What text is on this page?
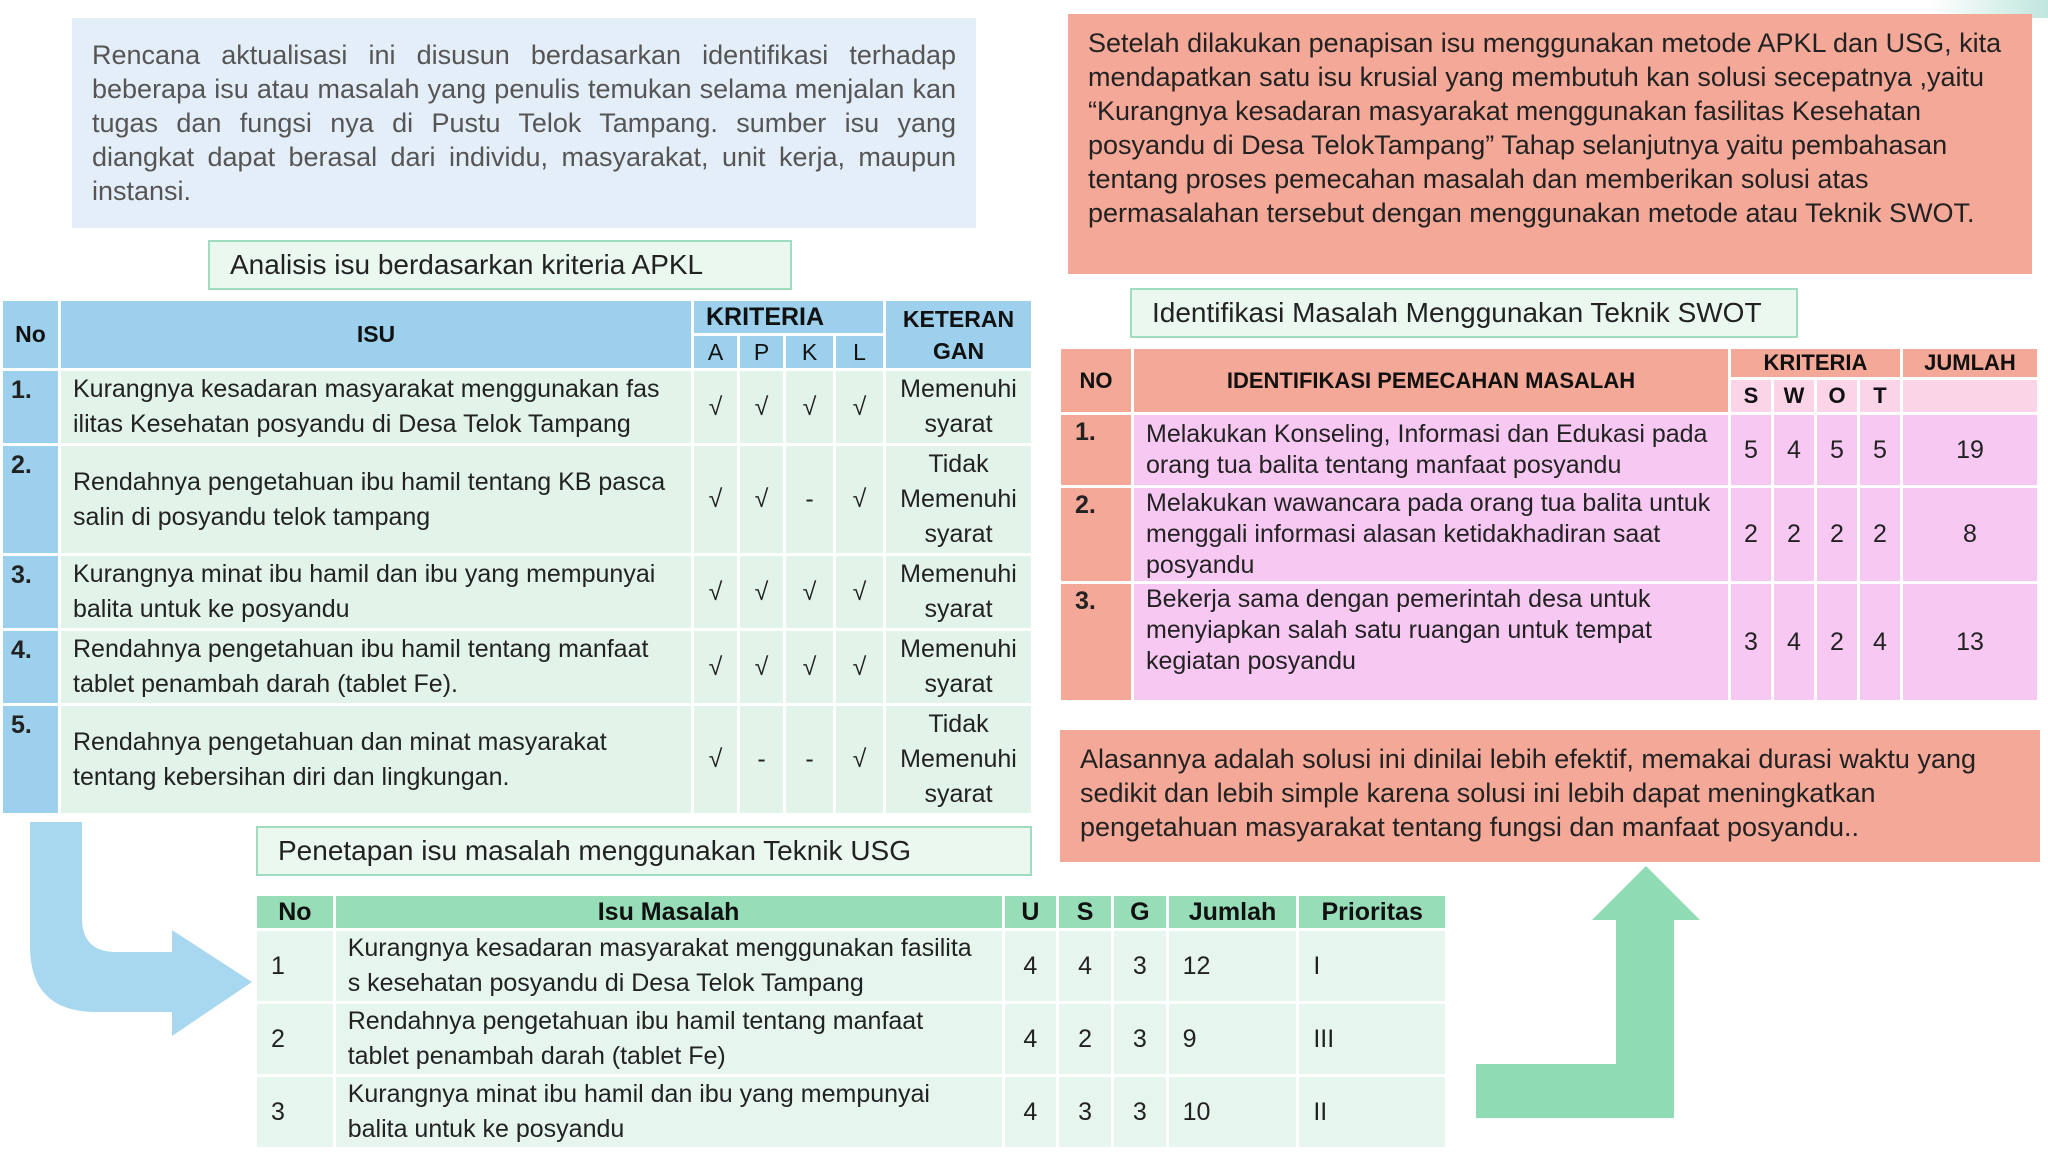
Rencana aktualisasi ini disusun berdasarkan identifikasi terhadap beberapa isu atau masalah yang penulis temukan selama menjalan kan tugas dan fungsi nya di Pustu Telok Tampang. sumber isu yang diangkat dapat berasal dari individu, masyarakat, unit kerja, maupun instansi.
Analisis isu berdasarkan kriteria APKL
No	ISU	KRITERIA				KETERAN GAN
		A	P	K	L	
1.	Kurangnya kesadaran masyarakat menggunakan fas ilitas Kesehatan posyandu di Desa Telok Tampang	√	√	√	√	Memenuhi syarat
2.	Rendahnya pengetahuan ibu hamil tentang KB pasca salin di posyandu telok tampang	√	√	-	√	Tidak Memenuhi syarat
3.	Kurangnya minat ibu hamil dan ibu yang mempunyai balita untuk ke posyandu	√	√	√	√	Memenuhi syarat
4.	Rendahnya pengetahuan ibu hamil tentang manfaat tablet penambah darah (tablet Fe).	√	√	√	√	Memenuhi syarat
5.	Rendahnya pengetahuan dan minat masyarakat tentang kebersihan diri dan lingkungan.	√	-	-	√	Tidak Memenuhi syarat
Setelah dilakukan penapisan isu menggunakan metode APKL dan USG, kita mendapatkan satu isu krusial yang membutuh kan solusi secepatnya ,yaitu “Kurangnya kesadaran masyarakat menggunakan fasilitas Kesehatan posyandu di Desa TelokTampang” Tahap selanjutnya yaitu pembahasan tentang proses pemecahan masalah dan memberikan solusi atas permasalahan tersebut dengan menggunakan metode atau Teknik SWOT.
Identifikasi Masalah Menggunakan Teknik SWOT
NO	IDENTIFIKASI PEMECAHAN MASALAH	KRITERIA				JUMLAH
		S	W	O	T	
1.	Melakukan Konseling, Informasi dan Edukasi pada orang tua balita tentang manfaat posyandu	5	4	5	5	19
2.	Melakukan wawancara pada orang tua balita untuk menggali informasi alasan ketidakhadiran saat posyandu	2	2	2	2	8
3.	Bekerja sama dengan pemerintah desa untuk menyiapkan salah satu ruangan untuk tempat kegiatan posyandu	3	4	2	4	13
Alasannya adalah solusi ini dinilai lebih efektif, memakai durasi waktu yang sedikit dan lebih simple karena solusi ini lebih dapat meningkatkan pengetahuan masyarakat tentang fungsi dan manfaat posyandu..
Penetapan isu masalah menggunakan Teknik USG
No	Isu Masalah	U	S	G	Jumlah	Prioritas
1	Kurangnya kesadaran masyarakat menggunakan fasilita s kesehatan posyandu di Desa Telok Tampang	4	4	3	12	I
2	Rendahnya pengetahuan ibu hamil tentang manfaat tablet penambah darah (tablet Fe)	4	2	3	9	III
3	Kurangnya minat ibu hamil dan ibu yang mempunyai balita untuk ke posyandu	4	3	3	10	II
